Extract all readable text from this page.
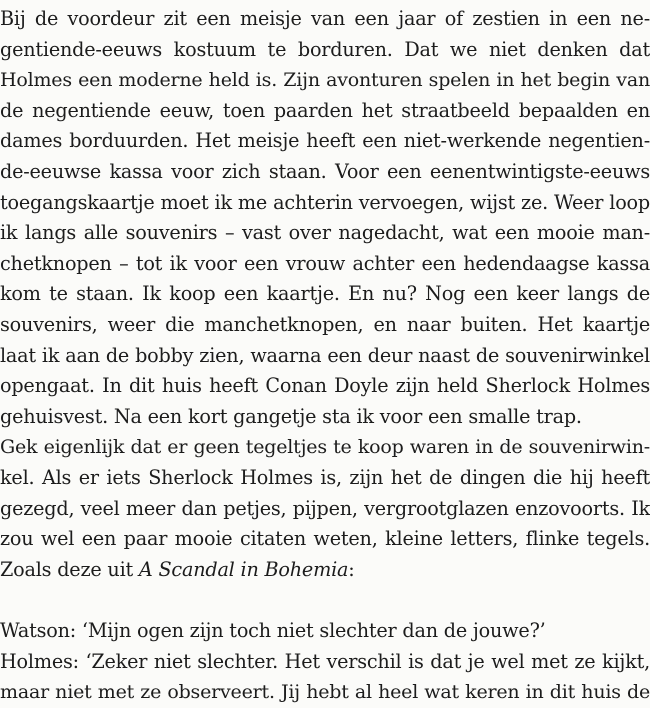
Bij de voordeur zit een meisje van een jaar of zestien in een ne-
gentiende-eeuws kostuum te borduren. Dat we niet denken dat
Holmes een moderne held is. Zijn avonturen spelen in het begin van
de negentiende eeuw, toen paarden het straatbeeld bepaalden en
dames borduurden. Het meisje heeft een niet-werkende negentien-
de-eeuwse kassa voor zich staan. Voor een eenentwintigste-eeuws
toegangskaartje moet ik me achterin vervoegen, wijst ze. Weer loop
ik langs alle souvenirs – vast over nagedacht, wat een mooie man-
chetknopen – tot ik voor een vrouw achter een hedendaagse kassa
kom te staan. Ik koop een kaartje. En nu? Nog een keer langs de
souvenirs, weer die manchetknopen, en naar buiten. Het kaartje
laat ik aan de bobby zien, waarna een deur naast de souvenirwinkel
opengaat. In dit huis heeft Conan Doyle zijn held Sherlock Holmes
gehuisvest. Na een kort gangetje sta ik voor een smalle trap.
Gek eigenlijk dat er geen tegeltjes te koop waren in de souvenirwin-
kel. Als er iets Sherlock Holmes is, zijn het de dingen die hij heeft
gezegd, veel meer dan petjes, pijpen, vergrootglazen enzovoorts. Ik
zou wel een paar mooie citaten weten, kleine letters, flinke tegels.
Zoals deze uit A Scandal in Bohemia:
Watson: ‘Mijn ogen zijn toch niet slechter dan de jouwe?’
Holmes: ‘Zeker niet slechter. Het verschil is dat je wel met ze kijkt,
maar niet met ze observeert. Jij hebt al heel wat keren in dit huis de
